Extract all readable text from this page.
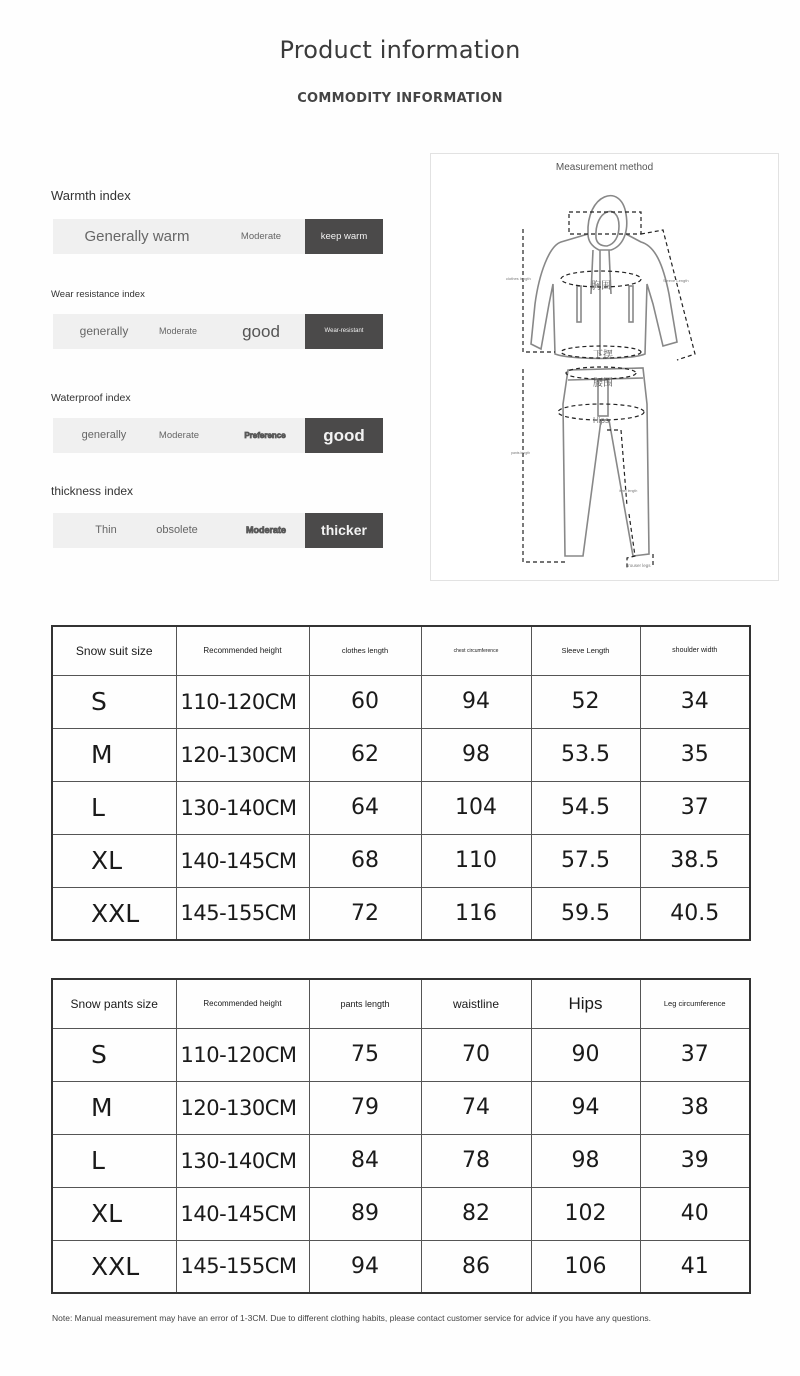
Product information
COMMODITY INFORMATION
Warmth index
Generally warm	Moderate	keep warm
Wear resistance index
generally	Moderate	good	Wear-resistant
Waterproof index
generally	Moderate	Preference	good
thickness index
Thin	obsolete	Moderate	thicker
Measurement method
clothes length	Sleeve Length
胸围
下摆
腰围
Hips
pants length
inner length
trouser legs
Snow suit size	Recommended height	clothes length	chest circumference	Sleeve Length	shoulder width
S	110-120CM	60	94	52	34
M	120-130CM	62	98	53.5	35
L	130-140CM	64	104	54.5	37
XL	140-145CM	68	110	57.5	38.5
XXL	145-155CM	72	116	59.5	40.5
Snow pants size	Recommended height	pants length	waistline	Hips	Leg circumference
S	110-120CM	75	70	90	37
M	120-130CM	79	74	94	38
L	130-140CM	84	78	98	39
XL	140-145CM	89	82	102	40
XXL	145-155CM	94	86	106	41
Note: Manual measurement may have an error of 1-3CM. Due to different clothing habits, please contact customer service for advice if you have any questions.
